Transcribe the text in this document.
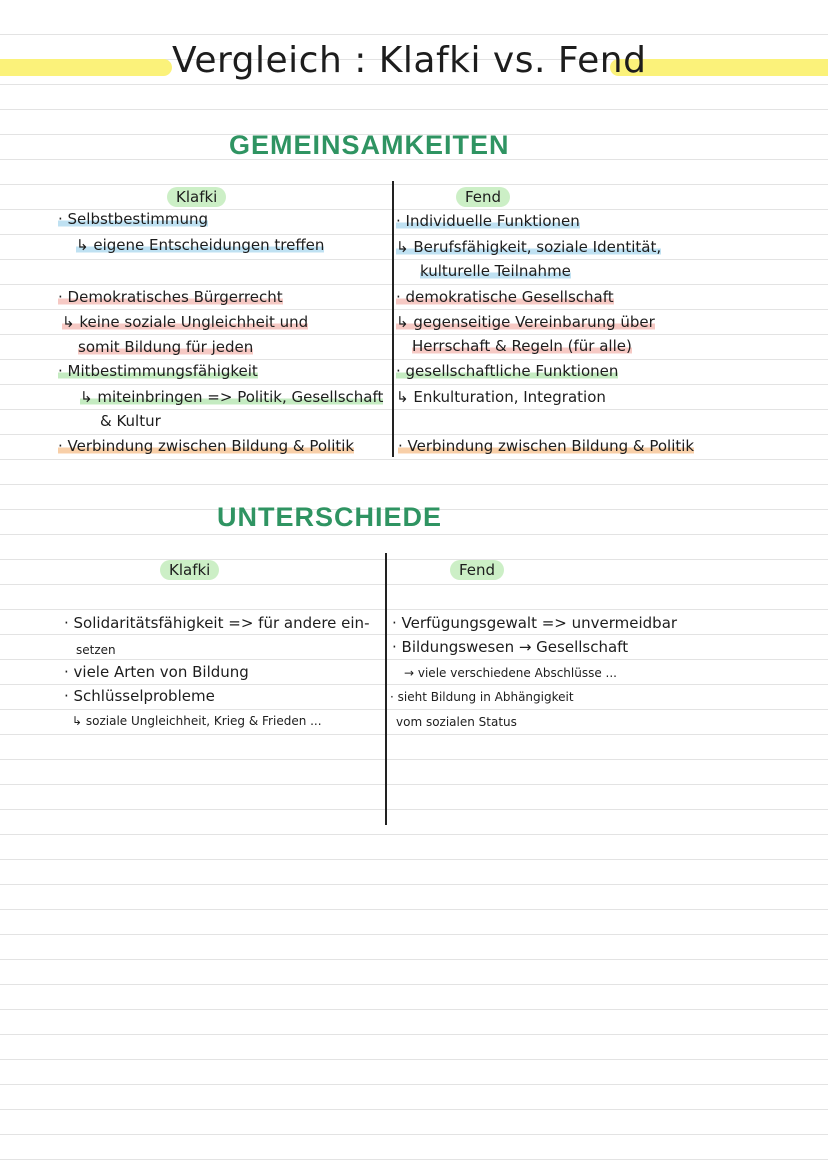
Vergleich : Klafki vs. Fend
GEMEINSAMKEITEN
Klafki	Fend
· Selbstbestimmung
↳ eigene Entscheidungen treffen
· Demokratisches Bürgerrecht
↳ keine soziale Ungleichheit und
somit Bildung für jeden
· Mitbestimmungsfähigkeit
↳ miteinbringen => Politik, Gesellschaft
& Kultur
· Verbindung zwischen Bildung & Politik
· Individuelle Funktionen
↳ Berufsfähigkeit, soziale Identität,
kulturelle Teilnahme
· demokratische Gesellschaft
↳ gegenseitige Vereinbarung über
Herrschaft & Regeln (für alle)
· gesellschaftliche Funktionen
↳ Enkulturation, Integration
· Verbindung zwischen Bildung & Politik
UNTERSCHIEDE
Klafki	Fend
· Solidaritätsfähigkeit => für andere ein-
setzen
· viele Arten von Bildung
· Schlüsselprobleme
↳ soziale Ungleichheit, Krieg & Frieden ...
· Verfügungsgewalt => unvermeidbar
· Bildungswesen → Gesellschaft
→ viele verschiedene Abschlüsse ...
· sieht Bildung in Abhängigkeit
vom sozialen Status
